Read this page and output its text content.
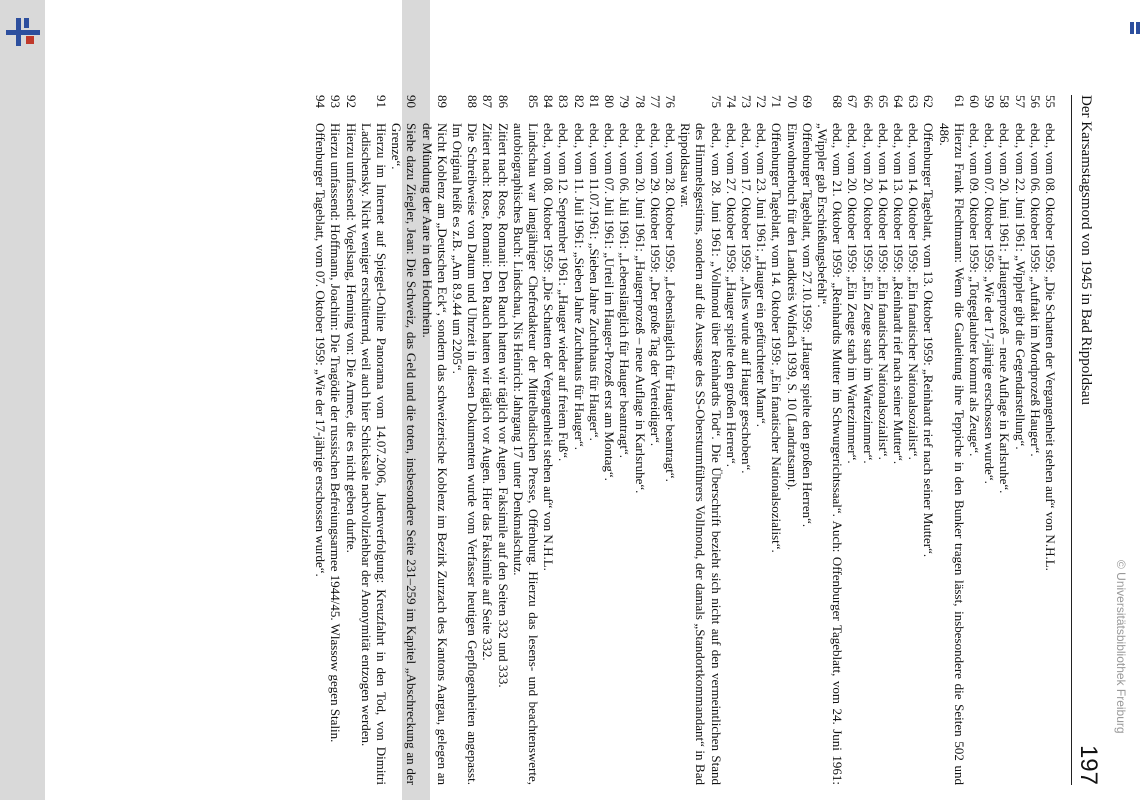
© Universitätsbibliothek Freiburg
Der Karsamstagsmord von 1945 in Bad Rippoldsau
197
55
ebd., vom 08. Oktober 1959: „Die Schatten der Vergangenheit stehen auf“ von N.H.L.
56
ebd., vom 06. Oktober 1959: „Auftakt im Mordprozeß Hauger“.
57
ebd., vom 22. Juni 1961: „Wippler gibt die Gegendarstellung“.
58
ebd., vom 20. Juni 1961: „Haugerprozeß – neue Auflage in Karlsruhe“.
59
ebd., vom 07. Oktober 1959: „Wie der 17-jährige erschossen wurde“.
60
ebd., vom 09. Oktober 1959: „Totgeglaubter kommt als Zeuge“.
61
Hierzu Frank Flechtmann: Wenn die Gauleitung ihre Teppiche in den Bunker tragen lässt, insbesondere die Seiten 502 und 486.
62
Offenburger Tageblatt, vom 13. Oktober 1959: „Reinhardt rief nach seiner Mutter“.
63
ebd., vom 14. Oktober 1959: „Ein fanatischer Nationalsozialist“.
64
ebd., vom 13. Oktober 1959: „Reinhardt rief nach seiner Mutter“.
65
ebd., vom 14. Oktober 1959: „Ein fanatischer Nationalsozialist“.
66
ebd., vom 20. Oktober 1959: „Ein Zeuge starb im Wartezimmer“.
67
ebd., vom 20. Oktober 1959: „Ein Zeuge starb im Wartezimmer“.
68
ebd., vom 21. Oktober 1959: „Reinhardts Mutter im Schwurgerichtssaal“. Auch: Offenburger Tageblatt, vom 24. Juni 1961: „Wippler gab Erschießungsbefehl“.
69
Offenburger Tageblatt, vom 27.10.1959: „Hauger spielte den großen Herren“.
70
Einwohnerbuch für den Landkreis Wolfach 1939, S. 10 (Landratsamt).
71
Offenburger Tageblatt, vom 14. Oktober 1959: „Ein fanatischer Nationalsozialist“.
72
ebd., vom 23. Juni 1961: „Hauger ein gefürchteter Mann“.
73
ebd., vom 17. Oktober 1959: „Alles wurde auf Hauger geschoben“.
74
ebd., vom 27. Oktober 1959: „Hauger spielte den großen Herren“.
75
ebd., vom 28. Juni 1961: „Vollmond über Reinhardts Tod“. Die Überschrift bezieht sich nicht auf den vermeintlichen Stand des Himmelsgestirns, sondern auf die Aussage des SS-Obersturmführers Vollmond, der damals „Standortkommandant“ in Bad Rippoldsau war.
76
ebd., vom 28. Oktober 1959: „Lebenslänglich für Hauger beantragt“.
77
ebd., vom 29. Oktober 1959: „Der große Tag der Verteidiger“.
78
ebd., vom 20. Juni 1961: „Haugerprozeß – neue Auflage in Karlsruhe“.
79
ebd., vom 06. Juli 1961: „Lebenslänglich für Hauger beantragt“.
80
ebd., vom 07. Juli 1961: „Urteil im Hauger-Prozeß erst am Montag“.
81
ebd., vom 11.07.1961: „Sieben Jahre Zuchthaus für Hauger“.
82
ebd., vom 11. Juli 1961: „Sieben Jahre Zuchthaus für Hauger“.
83
ebd., vom 12. September 1961: „Hauger wieder auf freiem Fuß“.
84
ebd., vom 08. Oktober 1959: „Die Schatten der Vergangenheit stehen auf“ von N.H.L.
85
Lindschau war langjähriger Chefredakteur der Mittelbadischen Presse, Offenburg. Hierzu das lesens- und beachtenswerte, autobiographisches Buch: Lindschau, Nis Heinrich: Jahrgang 17 unter Denkmalschutz.
86
Zitiert nach: Rose, Romani: Den Rauch hatten wir täglich vor Augen. Faksimile auf den Seiten 332 und 333.
87
Zitiert nach: Rose, Romani: Den Rauch hatten wir täglich vor Augen. Hier das Faksimile auf Seite 332.
88
Die Schreibweise von Datum und Uhrzeit in diesen Dokumenten wurde vom Verfasser heutigen Gepflogenheiten angepasst. Im Original heißt es z.B. „Am 8.9.44 um 2205“.
89
Nicht Koblenz am „Deutschen Eck“, sondern das schweizerische Koblenz im Bezirk Zurzach des Kantons Aargau, gelegen an der Mündung der Aare in den Hochrhein.
90
Siehe dazu Ziegler, Jean: Die Schweiz, das Geld und die toten, insbesondere Seite 231–259 im Kapitel „Abschreckung an der Grenze“.
91
Hierzu im Internet auf Spiegel-Online Panorama vom 14.07.2006, Judenverfolgung: Kreuzfahrt in den Tod, von Dimitri Ladischensky. Nicht weniger erschütternd, weil auch hier Schicksale nachvollziehbar der Anonymität entzogen werden.
92
Hierzu umfassend: Vogelsang, Henning von: Die Armee, die es nicht geben durfte.
93
Hierzu umfassend: Hoffmann, Joachim: Die Tragödie der russischen Befreiungsarmee 1944/45. Wlassow gegen Stalin.
94
Offenburger Tageblatt, vom 07. Oktober 1959: „Wie der 17-jährige erschossen wurde“.
